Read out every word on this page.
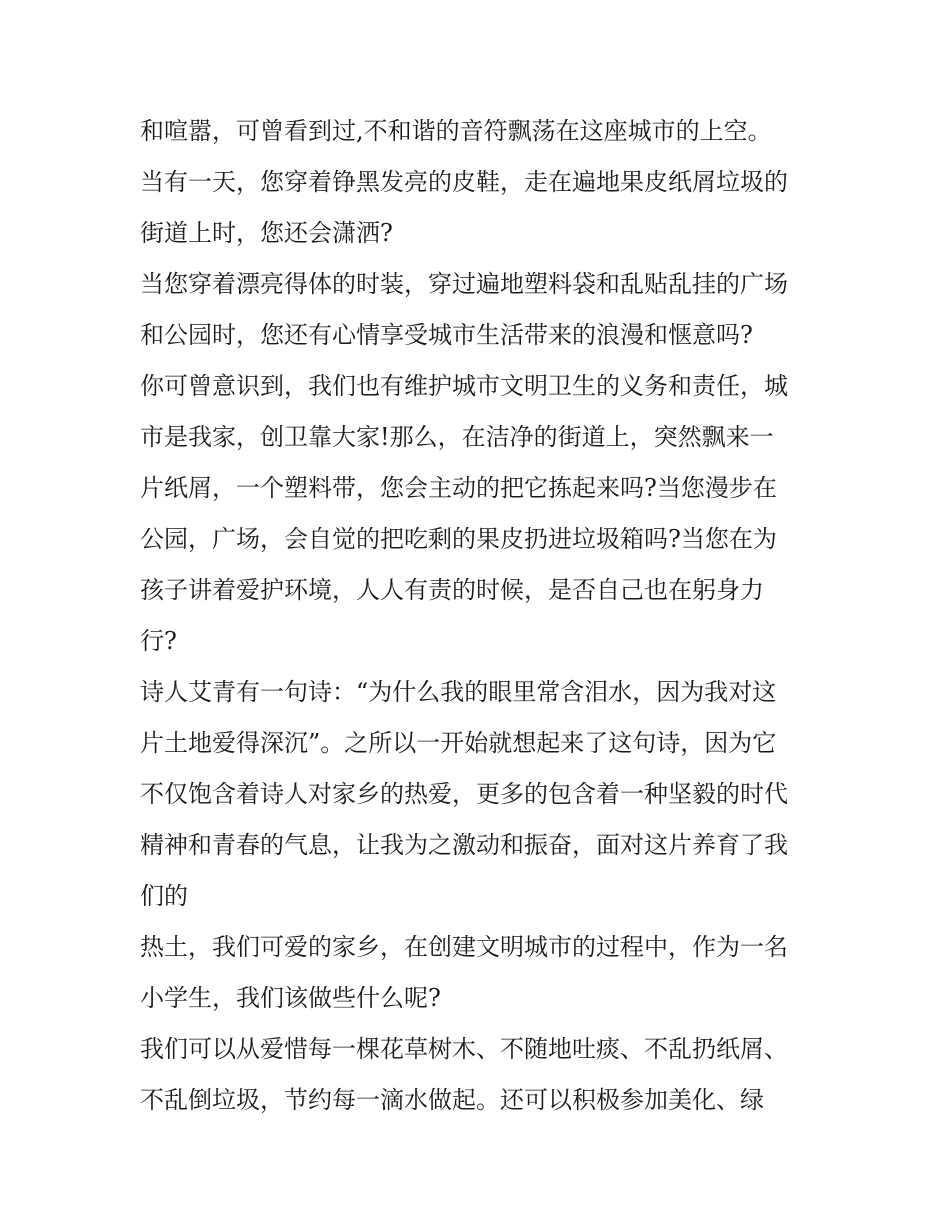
和喧嚣，可曾看到过,不和谐的音符飘荡在这座城市的上空。
当有一天，您穿着铮黑发亮的皮鞋，走在遍地果皮纸屑垃圾的
街道上时，您还会潇洒?
当您穿着漂亮得体的时装，穿过遍地塑料袋和乱贴乱挂的广场
和公园时，您还有心情享受城市生活带来的浪漫和惬意吗?
你可曾意识到，我们也有维护城市文明卫生的义务和责任，城
市是我家，创卫靠大家!那么，在洁净的街道上，突然飘来一
片纸屑，一个塑料带，您会主动的把它拣起来吗?当您漫步在
公园，广场，会自觉的把吃剩的果皮扔进垃圾箱吗?当您在为
孩子讲着爱护环境，人人有责的时候，是否自己也在躬身力
行?
诗人艾青有一句诗：“为什么我的眼里常含泪水，因为我对这
片土地爱得深沉”。之所以一开始就想起来了这句诗，因为它
不仅饱含着诗人对家乡的热爱，更多的包含着一种坚毅的时代
精神和青春的气息，让我为之激动和振奋，面对这片养育了我
们的
热土，我们可爱的家乡，在创建文明城市的过程中，作为一名
小学生，我们该做些什么呢?
我们可以从爱惜每一棵花草树木、不随地吐痰、不乱扔纸屑、
不乱倒垃圾，节约每一滴水做起。还可以积极参加美化、绿
